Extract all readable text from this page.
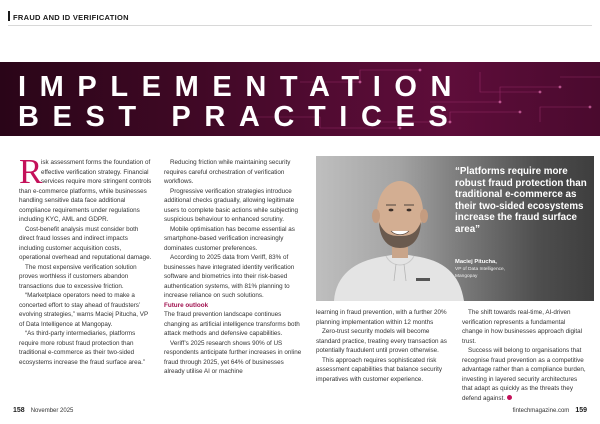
FRAUD AND ID VERIFICATION
IMPLEMENTATION
BEST PRACTICES

R
isk assessment forms the foundation of effective verification strategy. Financial services require more stringent controls than e-commerce platforms, while businesses handling sensitive data face additional compliance requirements under regulations including KYC, AML and GDPR.

Cost-benefit analysis must consider both direct fraud losses and indirect impacts including customer acquisition costs, operational overhead and reputational damage.

The most expensive verification solution proves worthless if customers abandon transactions due to excessive friction.

“Marketplace operators need to make a concerted effort to stay ahead of fraudsters’ evolving strategies,” warns Maciej Pitucha, VP of Data Intelligence at Mangopay.

“As third-party intermediaries, platforms require more robust fraud protection than traditional e-commerce as their two-sided ecosystems increase the fraud surface area.”

Reducing friction while maintaining security requires careful orchestration of verification workflows.

Progressive verification strategies introduce additional checks gradually, allowing legitimate users to complete basic actions while subjecting suspicious behaviour to enhanced scrutiny.

Mobile optimisation has become essential as smartphone-based verification increasingly dominates customer preferences.

According to 2025 data from Veriff, 83% of businesses have integrated identity verification software and biometrics into their risk-based authentication systems, with 81% planning to increase reliance on such solutions.

Future outlook

The fraud prevention landscape continues changing as artificial intelligence transforms both attack methods and defensive capabilities.

Veriff’s 2025 research shows 90% of US respondents anticipate further increases in online fraud through 2025, yet 64% of businesses already utilise AI or machine

“Platforms require more robust fraud protection than traditional e-commerce as their two-sided ecosystems increase the fraud surface area”
Maciej Pitucha,
VP of Data Intelligence,
Mangopay

learning in fraud prevention, with a further 20% planning implementation within 12 months

Zero-trust security models will become standard practice, treating every transaction as potentially fraudulent until proven otherwise.

This approach requires sophisticated risk assessment capabilities that balance security imperatives with customer experience.

The shift towards real-time, AI-driven verification represents a fundamental change in how businesses approach digital trust.

Success will belong to organisations that recognise fraud prevention as a competitive advantage rather than a compliance burden, investing in layered security architectures that adapt as quickly as the threats they defend against.

158 November 2025	fintechmagazine.com 159
